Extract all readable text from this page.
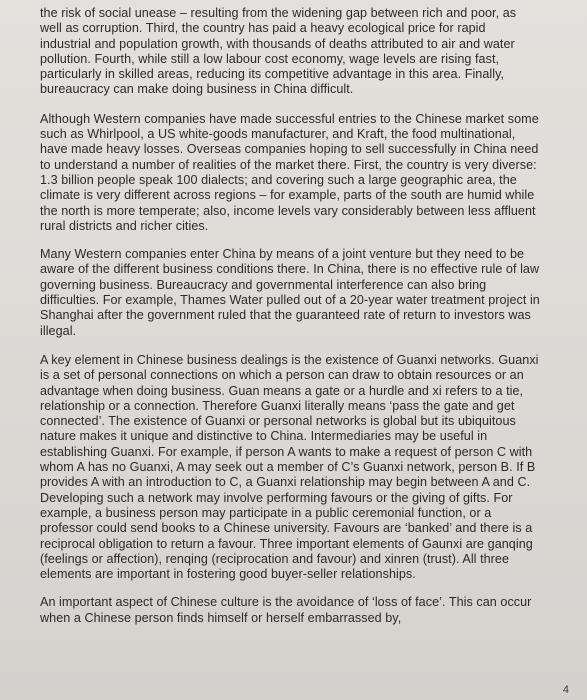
the risk of social unease – resulting from the widening gap between rich and poor, as well as corruption. Third, the country has paid a heavy ecological price for rapid industrial and population growth, with thousands of deaths attributed to air and water pollution. Fourth, while still a low labour cost economy, wage levels are rising fast, particularly in skilled areas, reducing its competitive advantage in this area. Finally, bureaucracy can make doing business in China difficult.

Although Western companies have made successful entries to the Chinese market some such as Whirlpool, a US white-goods manufacturer, and Kraft, the food multinational, have made heavy losses. Overseas companies hoping to sell successfully in China need to understand a number of realities of the market there. First, the country is very diverse: 1.3 billion people speak 100 dialects; and covering such a large geographic area, the climate is very different across regions – for example, parts of the south are humid while the north is more temperate; also, income levels vary considerably between less affluent rural districts and richer cities.

Many Western companies enter China by means of a joint venture but they need to be aware of the different business conditions there. In China, there is no effective rule of law governing business. Bureaucracy and governmental interference can also bring difficulties. For example, Thames Water pulled out of a 20-year water treatment project in Shanghai after the government ruled that the guaranteed rate of return to investors was illegal.

A key element in Chinese business dealings is the existence of Guanxi networks. Guanxi is a set of personal connections on which a person can draw to obtain resources or an advantage when doing business. Guan means a gate or a hurdle and xi refers to a tie, relationship or a connection. Therefore Guanxi literally means ‘pass the gate and get connected’. The existence of Guanxi or personal networks is global but its ubiquitous nature makes it unique and distinctive to China. Intermediaries may be useful in establishing Guanxi. For example, if person A wants to make a request of person C with whom A has no Guanxi, A may seek out a member of C’s Guanxi network, person B. If B provides A with an introduction to C, a Guanxi relationship may begin between A and C. Developing such a network may involve performing favours or the giving of gifts. For example, a business person may participate in a public ceremonial function, or a professor could send books to a Chinese university. Favours are ‘banked’ and there is a reciprocal obligation to return a favour. Three important elements of Gaunxi are ganqing (feelings or affection), renqing (reciprocation and favour) and xinren (trust). All three elements are important in fostering good buyer-seller relationships.

An important aspect of Chinese culture is the avoidance of ‘loss of face’. This can occur when a Chinese person finds himself or herself embarrassed by,

4
